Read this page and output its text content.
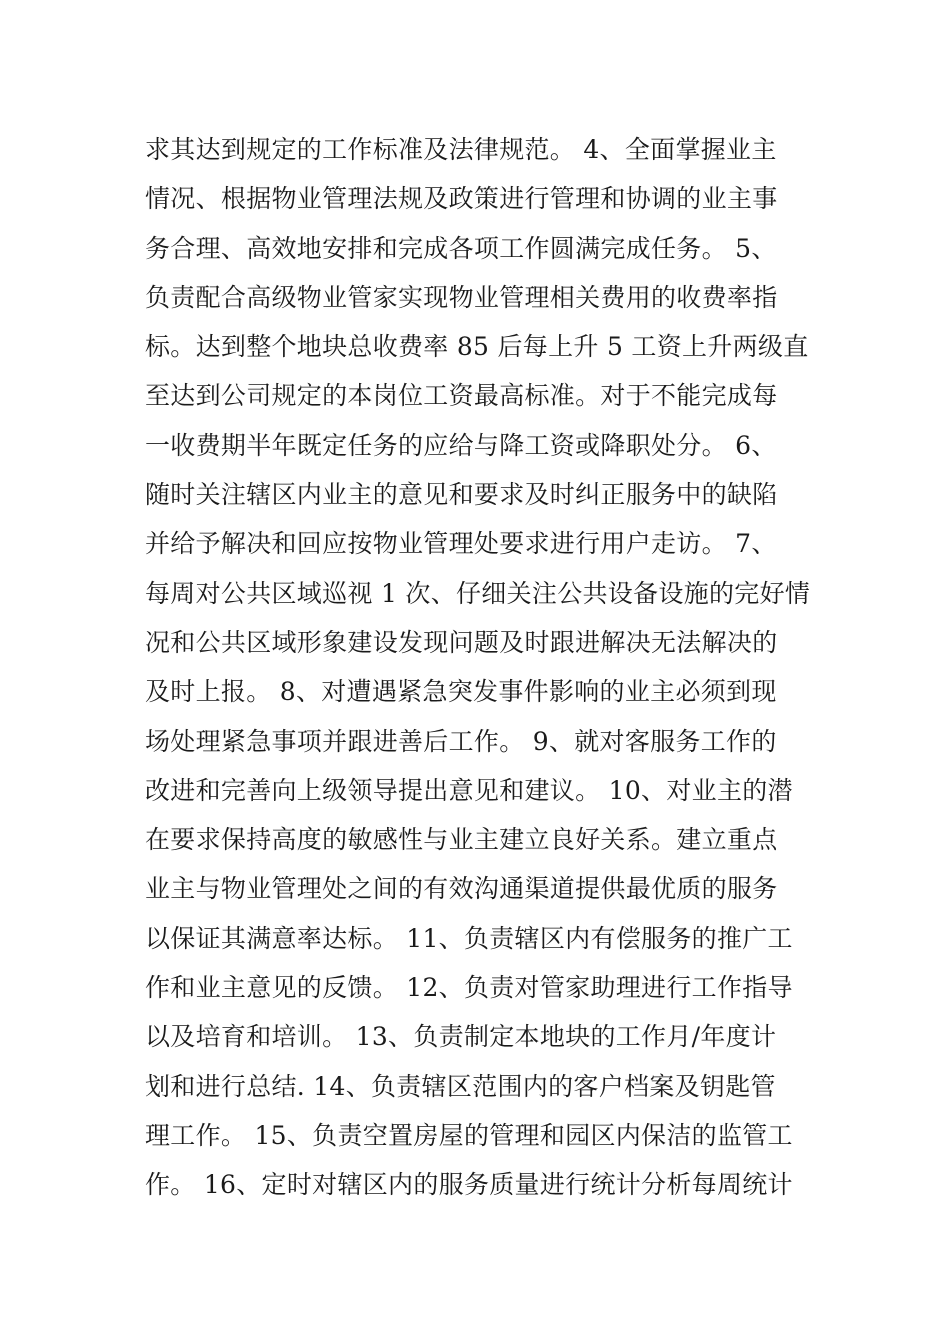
求其达到规定的工作标准及法律规范。 4、全面掌握业主
情况、根据物业管理法规及政策进行管理和协调的业主事
务合理、高效地安排和完成各项工作圆满完成任务。 5、
负责配合高级物业管家实现物业管理相关费用的收费率指
标。达到整个地块总收费率 85 后每上升 5 工资上升两级直
至达到公司规定的本岗位工资最高标准。对于不能完成每
一收费期半年既定任务的应给与降工资或降职处分。 6、
随时关注辖区内业主的意见和要求及时纠正服务中的缺陷
并给予解决和回应按物业管理处要求进行用户走访。 7、
每周对公共区域巡视 1 次、仔细关注公共设备设施的完好情
况和公共区域形象建设发现问题及时跟进解决无法解决的
及时上报。 8、对遭遇紧急突发事件影响的业主必须到现
场处理紧急事项并跟进善后工作。 9、就对客服务工作的
改进和完善向上级领导提出意见和建议。 10、对业主的潜
在要求保持高度的敏感性与业主建立良好关系。建立重点
业主与物业管理处之间的有效沟通渠道提供最优质的服务
以保证其满意率达标。 11、负责辖区内有偿服务的推广工
作和业主意见的反馈。 12、负责对管家助理进行工作指导
以及培育和培训。 13、负责制定本地块的工作月/年度计
划和进行总结. 14、负责辖区范围内的客户档案及钥匙管
理工作。 15、负责空置房屋的管理和园区内保洁的监管工
作。 16、定时对辖区内的服务质量进行统计分析每周统计
